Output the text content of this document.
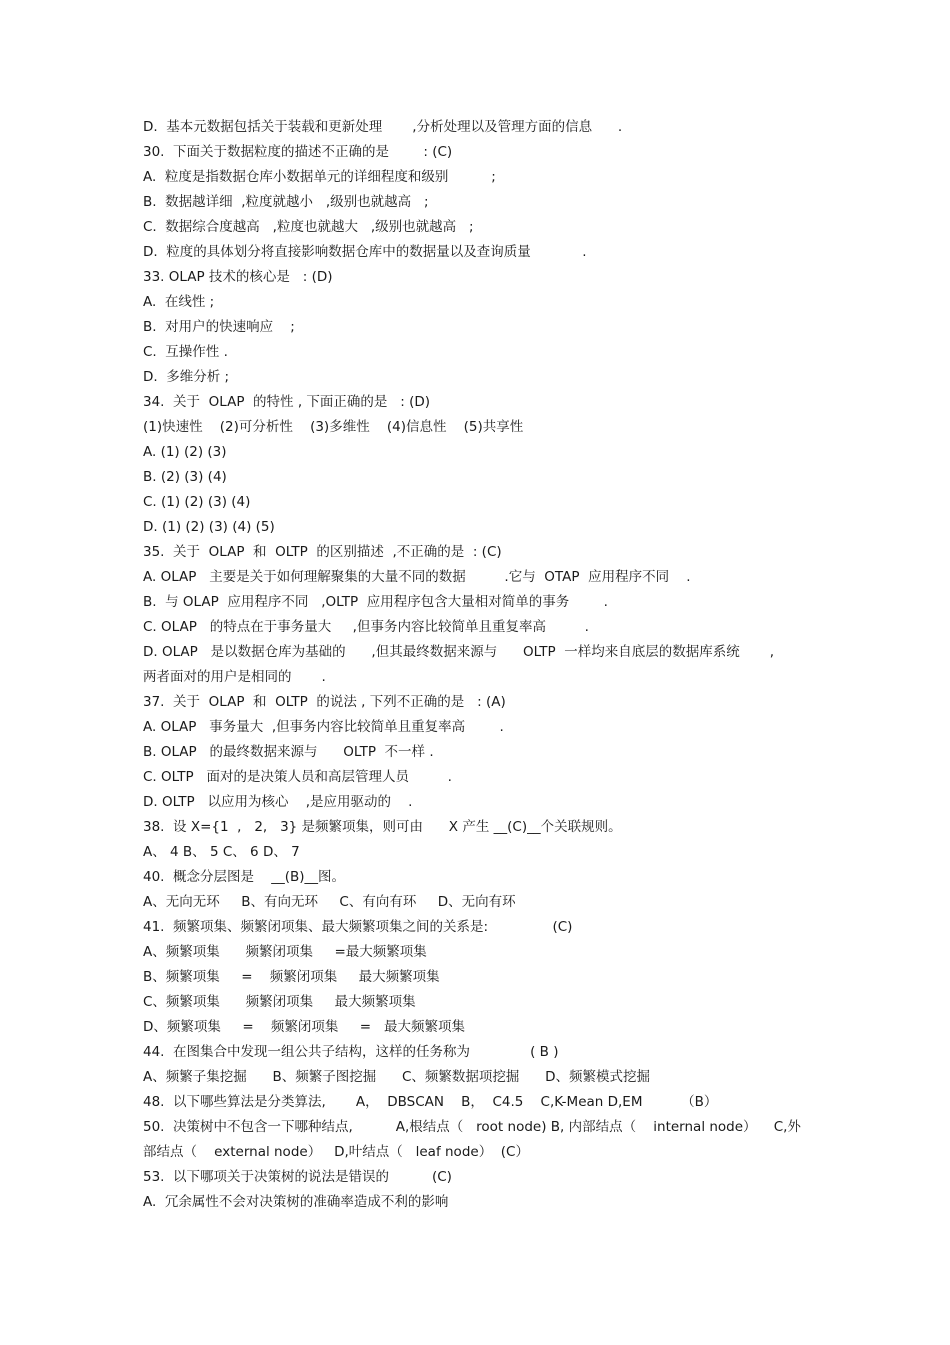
D.  基本元数据包括关于装载和更新处理       ,分析处理以及管理方面的信息      .
30.  下面关于数据粒度的描述不正确的是        : (C)
A.  粒度是指数据仓库小数据单元的详细程度和级别          ;
B.  数据越详细  ,粒度就越小   ,级别也就越高   ;
C.  数据综合度越高   ,粒度也就越大   ,级别也就越高   ;
D.  粒度的具体划分将直接影响数据仓库中的数据量以及查询质量            .
33. OLAP 技术的核心是   : (D)
A.  在线性 ;
B.  对用户的快速响应    ;
C.  互操作性 .
D.  多维分析 ;
34.  关于  OLAP  的特性 , 下面正确的是   : (D)
(1)快速性    (2)可分析性    (3)多维性    (4)信息性    (5)共享性
A. (1) (2) (3)
B. (2) (3) (4)
C. (1) (2) (3) (4)
D. (1) (2) (3) (4) (5)
35.  关于  OLAP  和  OLTP  的区别描述  ,不正确的是  : (C)
A. OLAP   主要是关于如何理解聚集的大量不同的数据         .它与  OTAP  应用程序不同    .
B.  与 OLAP  应用程序不同   ,OLTP  应用程序包含大量相对简单的事务        .
C. OLAP   的特点在于事务量大     ,但事务内容比较简单且重复率高         .
D. OLAP   是以数据仓库为基础的      ,但其最终数据来源与      OLTP  一样均来自底层的数据库系统       ,
两者面对的用户是相同的       .
37.  关于  OLAP  和  OLTP  的说法 , 下列不正确的是   : (A)
A. OLAP   事务量大  ,但事务内容比较简单且重复率高        .
B. OLAP   的最终数据来源与      OLTP  不一样 .
C. OLTP   面对的是决策人员和高层管理人员         .
D. OLTP   以应用为核心    ,是应用驱动的    .
38.  设 X={1  ,   2,   3} 是频繁项集，则可由      X 产生 __(C)__个关联规则。
A、 4 B、 5 C、 6 D、 7
40.  概念分层图是    __(B)__图。
A、无向无环     B、有向无环     C、有向有环     D、无向有环
41.  频繁项集、频繁闭项集、最大频繁项集之间的关系是:               (C)
A、频繁项集      频繁闭项集     =最大频繁项集
B、频繁项集     =    频繁闭项集     最大频繁项集
C、频繁项集      频繁闭项集     最大频繁项集
D、频繁项集     =    频繁闭项集     =   最大频繁项集
44.  在图集合中发现一组公共子结构，这样的任务称为              ( B )
A、频繁子集挖掘      B、频繁子图挖掘      C、频繁数据项挖掘      D、频繁模式挖掘
48.  以下哪些算法是分类算法,       A，  DBSCAN    B，  C4.5    C,K-Mean D,EM         （B）
50.  决策树中不包含一下哪种结点,          A,根结点（   root node) B, 内部结点（    internal node）    C,外
部结点（    external node）   D,叶结点（   leaf node）  (C）
53.  以下哪项关于决策树的说法是错误的          (C)
A.  冗余属性不会对决策树的准确率造成不利的影响
